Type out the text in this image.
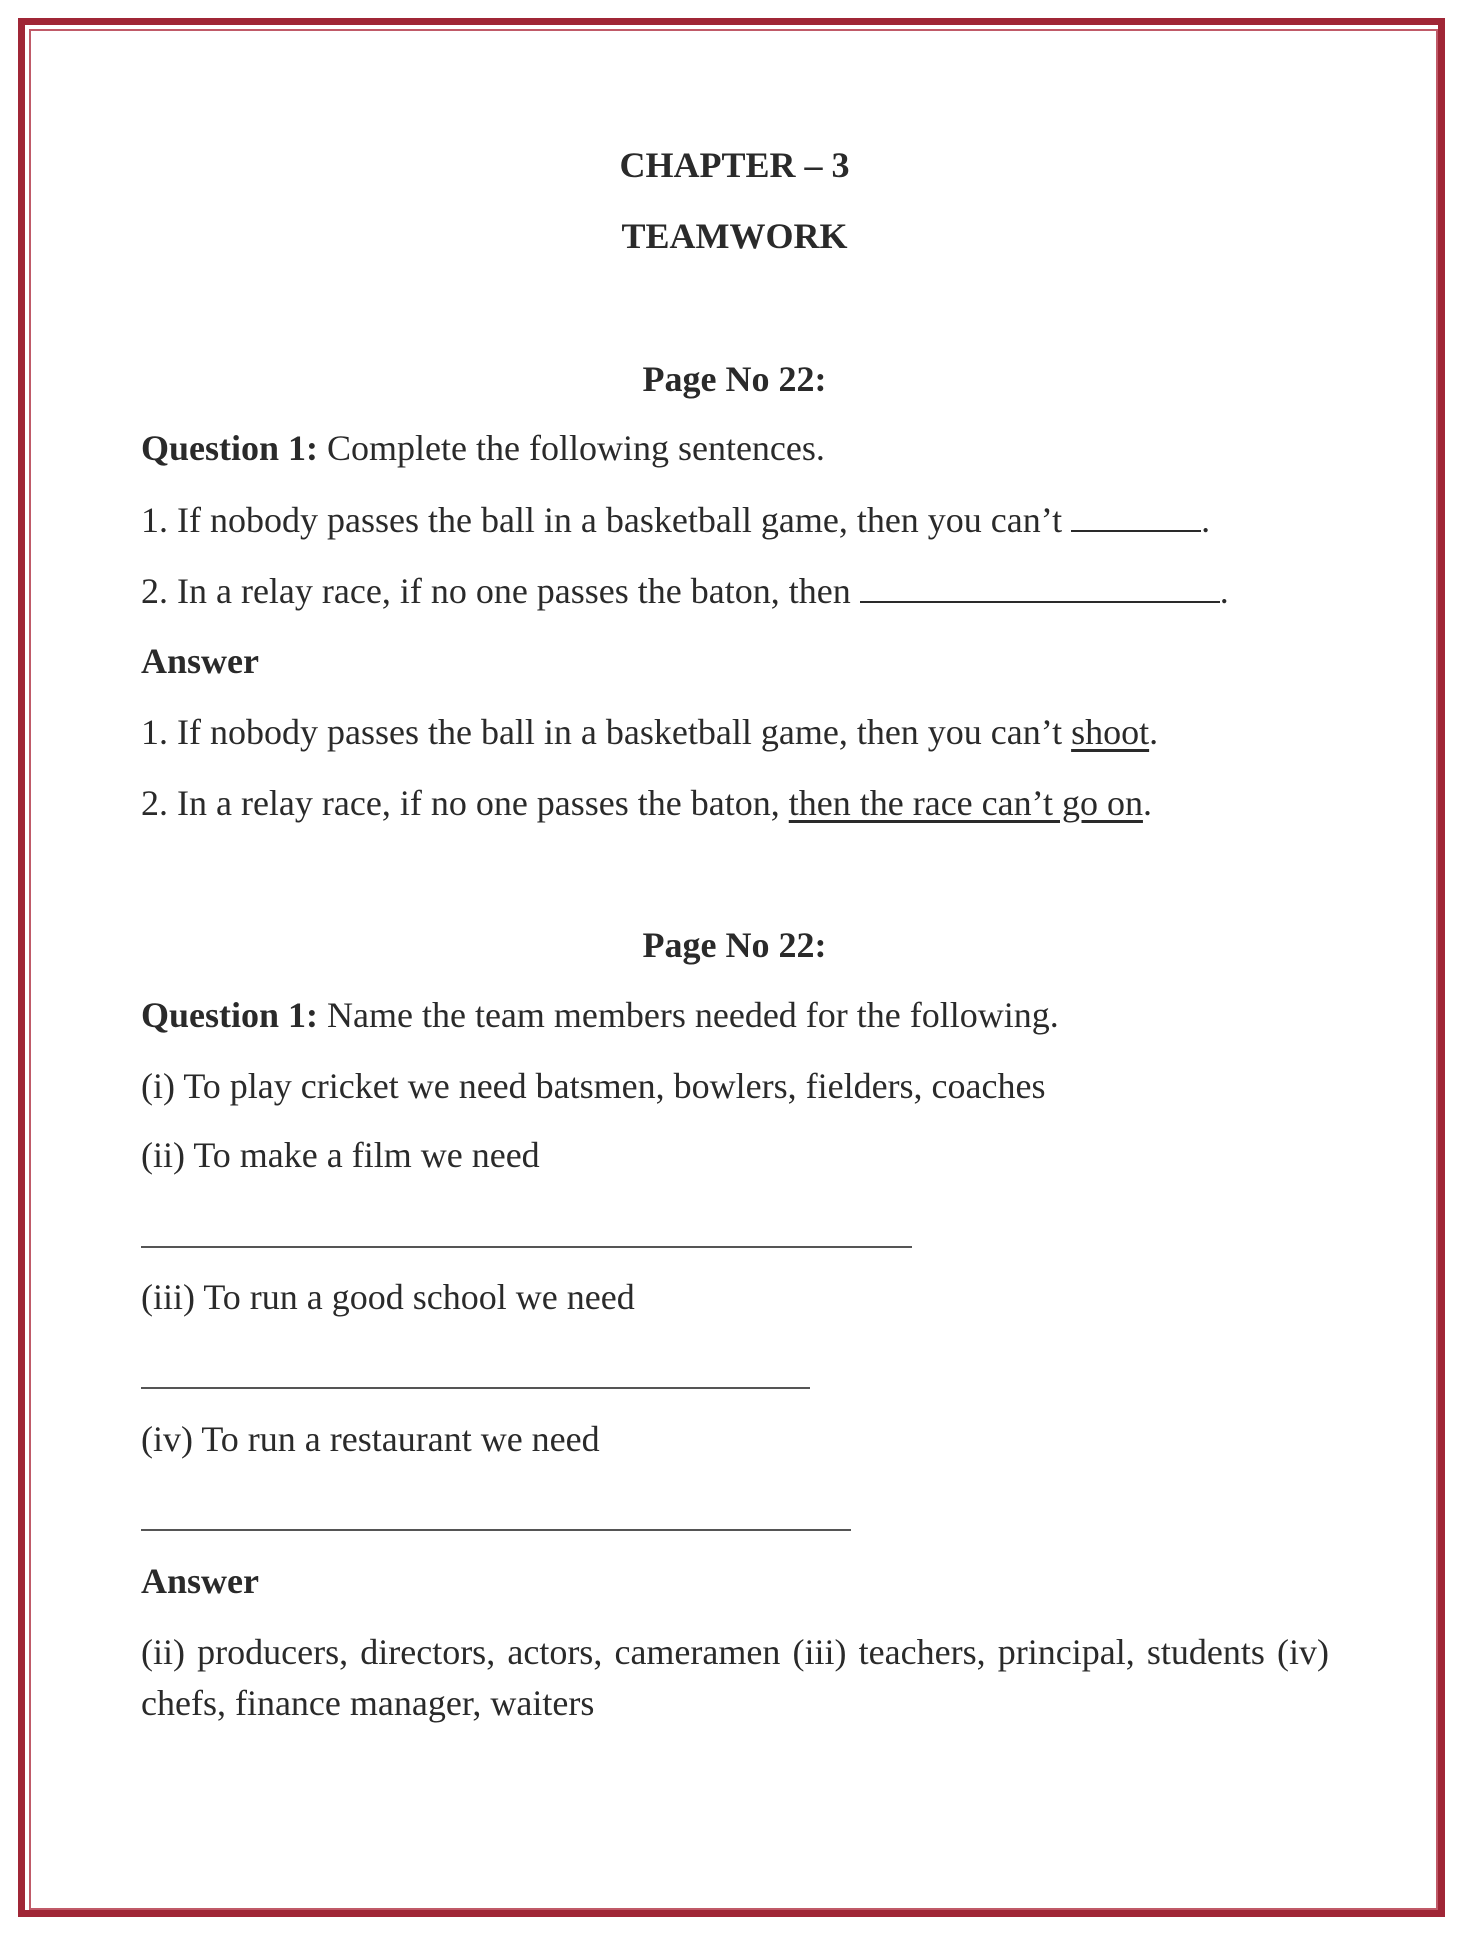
CHAPTER – 3
TEAMWORK
Page No 22:
Question 1: Complete the following sentences.
1. If nobody passes the ball in a basketball game, then you can’t	.
2. In a relay race, if no one passes the baton, then	.
Answer
1. If nobody passes the ball in a basketball game, then you can’t shoot.
2. In a relay race, if no one passes the baton, then the race can’t go on.
Page No 22:
Question 1: Name the team members needed for the following.
(i) To play cricket we need batsmen, bowlers, fielders, coaches
(ii) To make a film we need
(iii) To run a good school we need
(iv) To run a restaurant we need
Answer
(ii) producers, directors, actors, cameramen (iii) teachers, principal, students (iv) chefs, finance manager, waiters
